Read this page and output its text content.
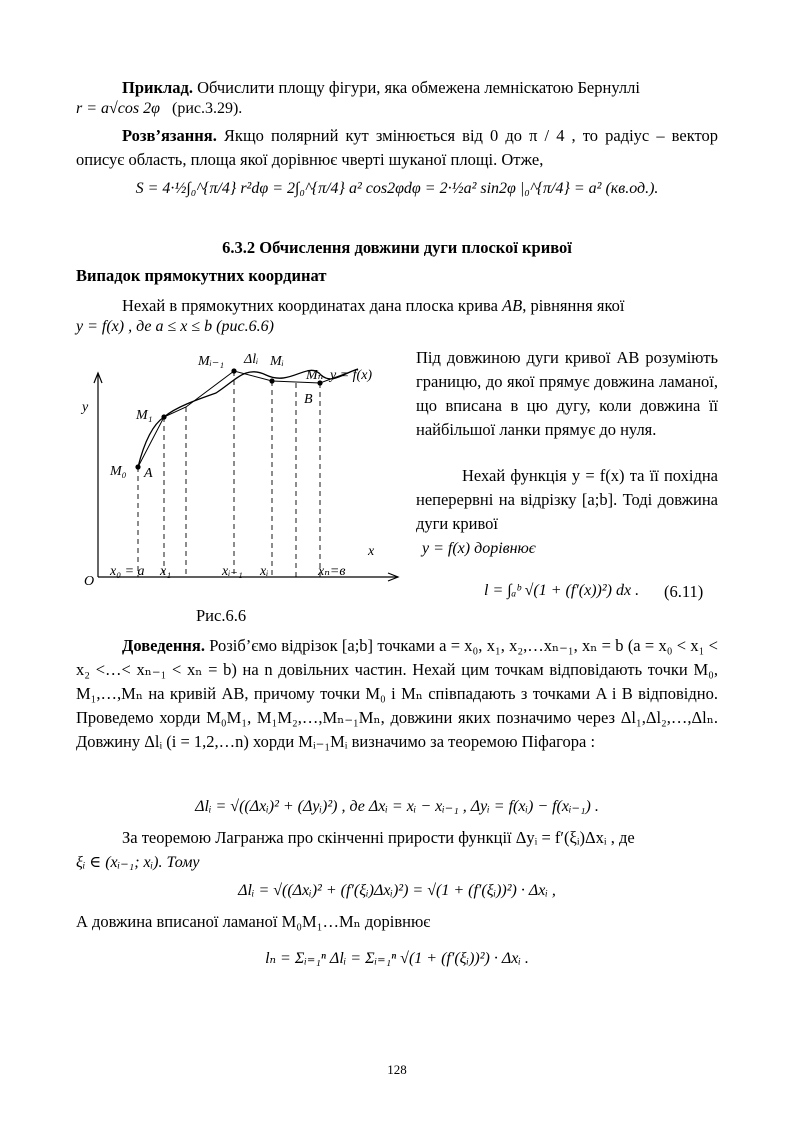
Приклад. Обчислити площу фігури, яка обмежена лемніскатою Бернуллі

r = a√cos 2φ (рис.3.29).

Розв’язання. Якщо полярний кут змінюється від 0 до π / 4 , то радіус – вектор описує область, площа якої дорівнює чверті шуканої площі. Отже,

S = 4·½∫₀^{π/4} r²dφ = 2∫₀^{π/4} a² cos2φdφ = 2·½a² sin2φ |₀^{π/4} = a² (кв.од.).
6.3.2 Обчислення довжини дуги плоскої кривої
Випадок прямокутних координат

Нехай в прямокутних координатах дана плоска крива AB, рівняння якої

y = f(x) , де a ≤ x ≤ b (рис.6.6)
y
x
O
M₀ A
M₁
Mᵢ₋₁ Δlᵢ Mᵢ
Mₙ y = f(x)
B
x₀ = a x₁	xᵢ₋₁ xᵢ	xₙ=в
Рис.6.6

Під довжиною дуги кривої AB розуміють границю, до якої прямує довжина ламаної, що вписана в цю дугу, коли довжина її найбільшої ланки прямує до нуля.

Нехай функція y = f(x) та її похідна неперервні на відрізку [a;b]. Тоді довжина дуги кривої

y = f(x) дорівнює
l = ∫ₐᵇ √(1 + (f′(x))²) dx . (6.11)

Доведення. Розіб’ємо відрізок [a;b] точками a = x₀, x₁, x₂,…xₙ₋₁, xₙ = b (a = x₀ < x₁ < x₂ <…< xₙ₋₁ < xₙ = b) на n довільних частин. Нехай цим точкам відповідають точки M₀, M₁,…,Mₙ на кривій AB, причому точки M₀ і Mₙ співпадають з точками A і B відповідно. Проведемо хорди M₀M₁, M₁M₂,…,Mₙ₋₁Mₙ, довжини яких позначимо через Δl₁,Δl₂,…,Δlₙ. Довжину Δlᵢ (i = 1,2,…n) хорди Mᵢ₋₁Mᵢ визначимо за теоремою Піфагора :

Δlᵢ = √((Δxᵢ)² + (Δyᵢ)²) , де Δxᵢ = xᵢ − xᵢ₋₁ , Δyᵢ = f(xᵢ) − f(xᵢ₋₁) .

За теоремою Лагранжа про скінченні прирости функції Δyᵢ = f′(ξᵢ)Δxᵢ , де

ξᵢ ∈ (xᵢ₋₁; xᵢ). Тому
Δlᵢ = √((Δxᵢ)² + (f′(ξᵢ)Δxᵢ)²) = √(1 + (f′(ξᵢ))²) · Δxᵢ ,
А довжина вписаної ламаної M₀M₁…Mₙ дорівнює
lₙ = Σᵢ₌₁ⁿ Δlᵢ = Σᵢ₌₁ⁿ √(1 + (f′(ξᵢ))²) · Δxᵢ .
128
